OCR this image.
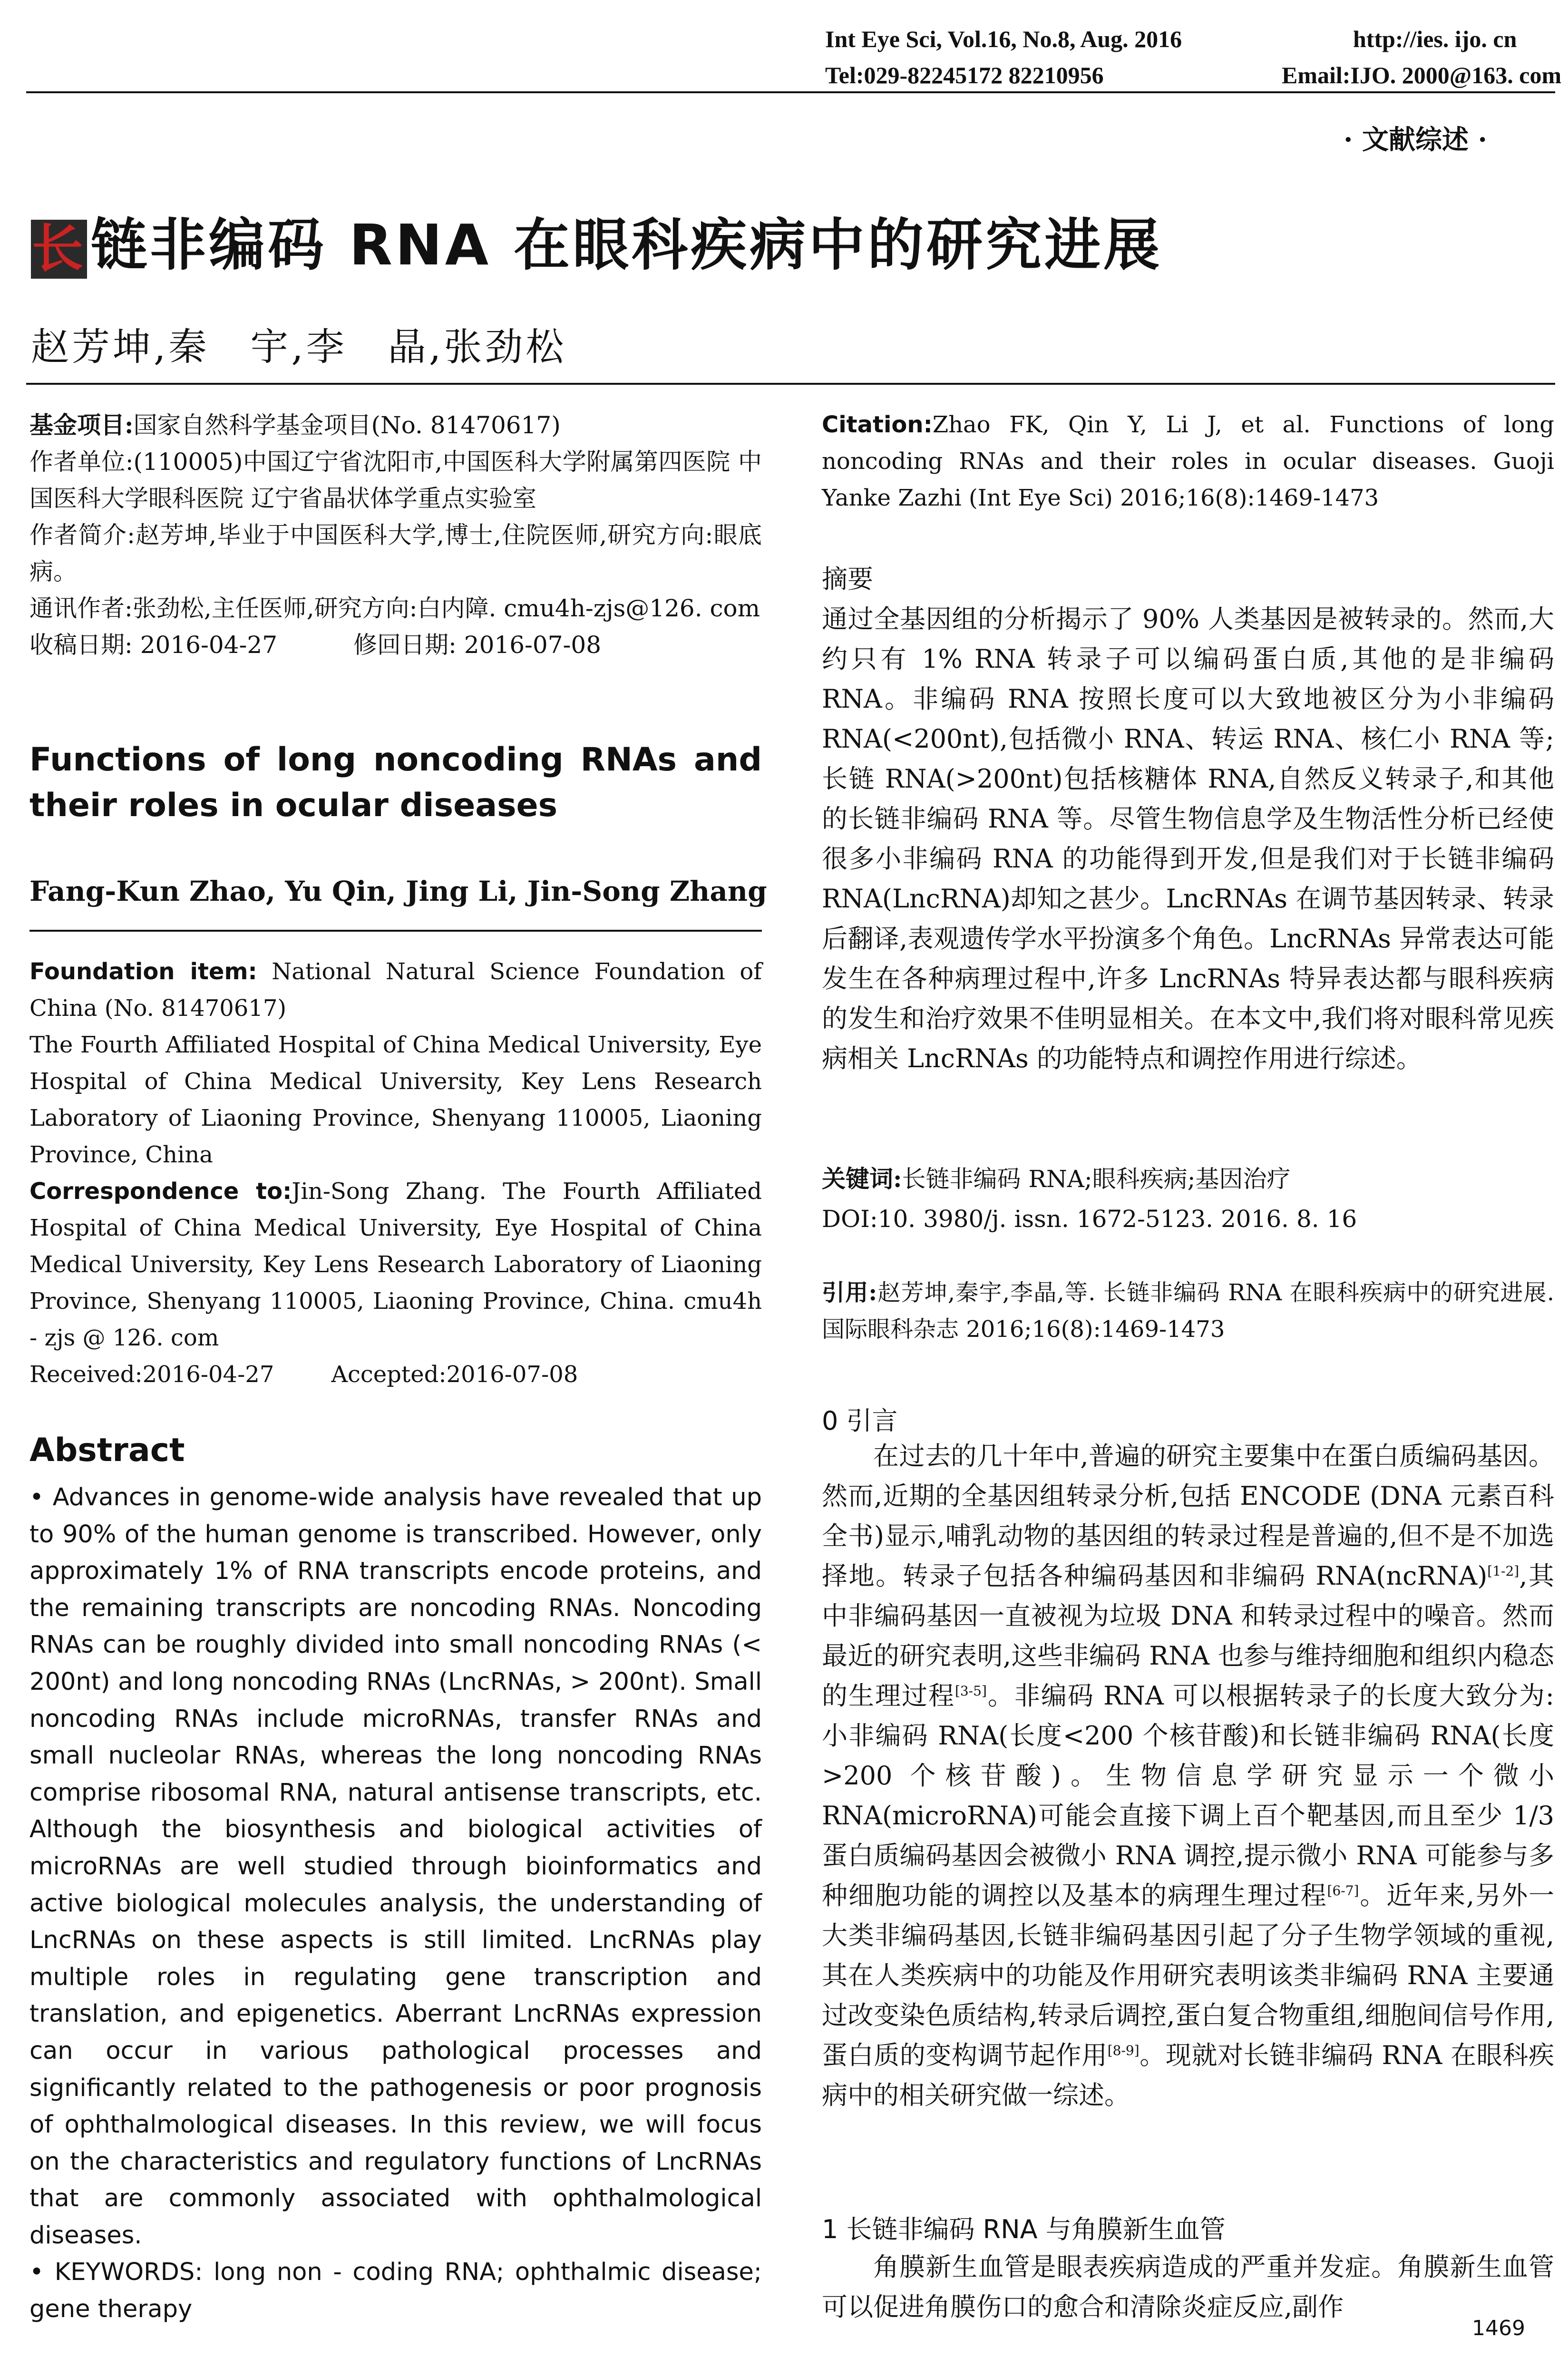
Int Eye Sci, Vol.16, No.8, Aug. 2016	http://ies. ijo. cn
Tel:029-82245172 82210956	Email:IJO. 2000@163. com
· 文献综述 ·
长链非编码 RNA 在眼科疾病中的研究进展
赵芳坤,秦　宇,李　晶,张劲松
基金项目:国家自然科学基金项目(No. 81470617)
作者单位:(110005)中国辽宁省沈阳市,中国医科大学附属第四医院 中国医科大学眼科医院 辽宁省晶状体学重点实验室
作者简介:赵芳坤,毕业于中国医科大学,博士,住院医师,研究方向:眼底病。
通讯作者:张劲松,主任医师,研究方向:白内障. cmu4h-zjs@126. com
收稿日期: 2016-04-27	修回日期: 2016-07-08
Functions of long noncoding RNAs and their roles in ocular diseases
Fang-Kun Zhao, Yu Qin, Jing Li, Jin-Song Zhang
Foundation item: National Natural Science Foundation of China (No. 81470617)
The Fourth Affiliated Hospital of China Medical University, Eye Hospital of China Medical University, Key Lens Research Laboratory of Liaoning Province, Shenyang 110005, Liaoning Province, China
Correspondence to:Jin-Song Zhang. The Fourth Affiliated Hospital of China Medical University, Eye Hospital of China Medical University, Key Lens Research Laboratory of Liaoning Province, Shenyang 110005, Liaoning Province, China. cmu4h - zjs @ 126. com
Received:2016-04-27	Accepted:2016-07-08
Abstract
• Advances in genome-wide analysis have revealed that up to 90% of the human genome is transcribed. However, only approximately 1% of RNA transcripts encode proteins, and the remaining transcripts are noncoding RNAs. Noncoding RNAs can be roughly divided into small noncoding RNAs (< 200nt) and long noncoding RNAs (LncRNAs, > 200nt). Small noncoding RNAs include microRNAs, transfer RNAs and small nucleolar RNAs, whereas the long noncoding RNAs comprise ribosomal RNA, natural antisense transcripts, etc. Although the biosynthesis and biological activities of microRNAs are well studied through bioinformatics and active biological molecules analysis, the understanding of LncRNAs on these aspects is still limited. LncRNAs play multiple roles in regulating gene transcription and translation, and epigenetics. Aberrant LncRNAs expression can occur in various pathological processes and significantly related to the pathogenesis or poor prognosis of ophthalmological diseases. In this review, we will focus on the characteristics and regulatory functions of LncRNAs that are commonly associated with ophthalmological diseases.
• KEYWORDS: long non - coding RNA; ophthalmic disease; gene therapy
Citation:Zhao FK, Qin Y, Li J, et al. Functions of long noncoding RNAs and their roles in ocular diseases. Guoji Yanke Zazhi (Int Eye Sci) 2016;16(8):1469-1473
摘要
通过全基因组的分析揭示了 90% 人类基因是被转录的。然而,大约只有 1% RNA 转录子可以编码蛋白质,其他的是非编码 RNA。非编码 RNA 按照长度可以大致地被区分为小非编码 RNA(<200nt),包括微小 RNA、转运 RNA、核仁小 RNA 等;长链 RNA(>200nt)包括核糖体 RNA,自然反义转录子,和其他的长链非编码 RNA 等。尽管生物信息学及生物活性分析已经使很多小非编码 RNA 的功能得到开发,但是我们对于长链非编码 RNA(LncRNA)却知之甚少。LncRNAs 在调节基因转录、转录后翻译,表观遗传学水平扮演多个角色。LncRNAs 异常表达可能发生在各种病理过程中,许多 LncRNAs 特异表达都与眼科疾病的发生和治疗效果不佳明显相关。在本文中,我们将对眼科常见疾病相关 LncRNAs 的功能特点和调控作用进行综述。
关键词:长链非编码 RNA;眼科疾病;基因治疗
DOI:10. 3980/j. issn. 1672-5123. 2016. 8. 16
引用:赵芳坤,秦宇,李晶,等. 长链非编码 RNA 在眼科疾病中的研究进展. 国际眼科杂志 2016;16(8):1469-1473
0 引言
在过去的几十年中,普遍的研究主要集中在蛋白质编码基因。然而,近期的全基因组转录分析,包括 ENCODE (DNA 元素百科全书)显示,哺乳动物的基因组的转录过程是普遍的,但不是不加选择地。转录子包括各种编码基因和非编码 RNA(ncRNA)[1-2],其中非编码基因一直被视为垃圾 DNA 和转录过程中的噪音。然而最近的研究表明,这些非编码 RNA 也参与维持细胞和组织内稳态的生理过程[3-5]。非编码 RNA 可以根据转录子的长度大致分为:小非编码 RNA(长度<200 个核苷酸)和长链非编码 RNA(长度>200 个核苷酸)。生物信息学研究显示一个微小 RNA(microRNA)可能会直接下调上百个靶基因,而且至少 1/3 蛋白质编码基因会被微小 RNA 调控,提示微小 RNA 可能参与多种细胞功能的调控以及基本的病理生理过程[6-7]。近年来,另外一大类非编码基因,长链非编码基因引起了分子生物学领域的重视,其在人类疾病中的功能及作用研究表明该类非编码 RNA 主要通过改变染色质结构,转录后调控,蛋白复合物重组,细胞间信号作用,蛋白质的变构调节起作用[8-9]。现就对长链非编码 RNA 在眼科疾病中的相关研究做一综述。
1 长链非编码 RNA 与角膜新生血管
角膜新生血管是眼表疾病造成的严重并发症。角膜新生血管可以促进角膜伤口的愈合和清除炎症反应,副作
1469
